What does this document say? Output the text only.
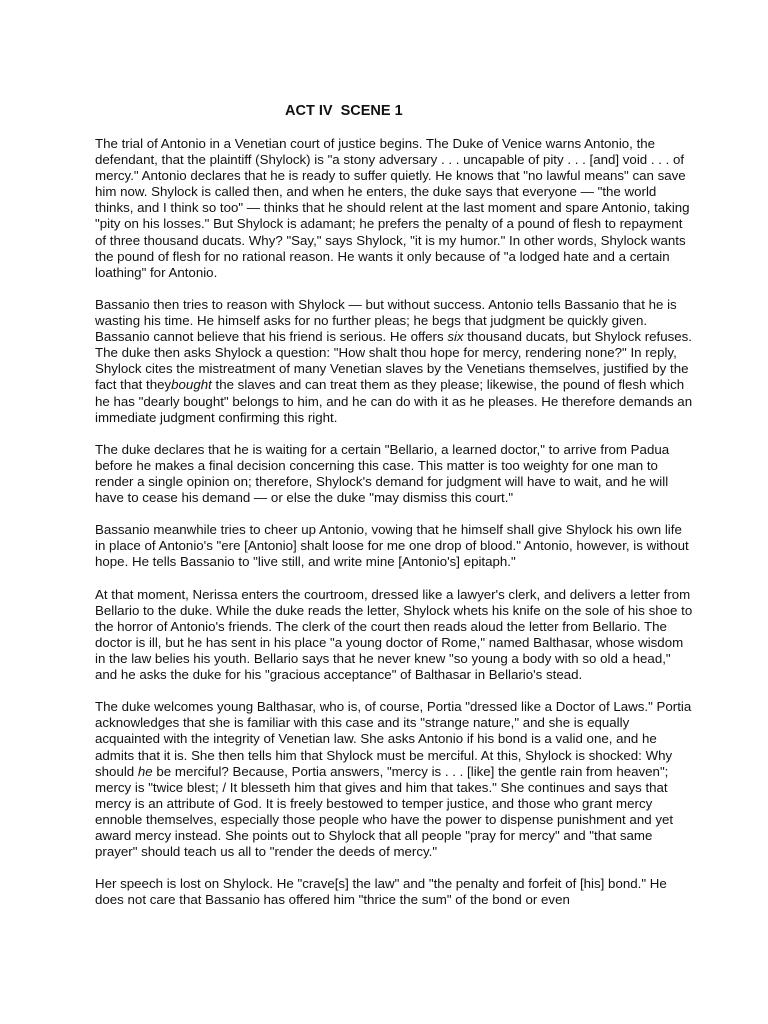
ACT IV  SCENE 1

The trial of Antonio in a Venetian court of justice begins. The Duke of Venice warns Antonio, the defendant, that the plaintiff (Shylock) is "a stony adversary . . . uncapable of pity . . . [and] void . . . of mercy." Antonio declares that he is ready to suffer quietly. He knows that "no lawful means" can save him now. Shylock is called then, and when he enters, the duke says that everyone — "the world thinks, and I think so too" — thinks that he should relent at the last moment and spare Antonio, taking "pity on his losses." But Shylock is adamant; he prefers the penalty of a pound of flesh to repayment of three thousand ducats. Why? "Say," says Shylock, "it is my humor." In other words, Shylock wants the pound of flesh for no rational reason. He wants it only because of "a lodged hate and a certain loathing" for Antonio.

Bassanio then tries to reason with Shylock — but without success. Antonio tells Bassanio that he is wasting his time. He himself asks for no further pleas; he begs that judgment be quickly given. Bassanio cannot believe that his friend is serious. He offers six thousand ducats, but Shylock refuses. The duke then asks Shylock a question: "How shalt thou hope for mercy, rendering none?" In reply, Shylock cites the mistreatment of many Venetian slaves by the Venetians themselves, justified by the fact that theybought the slaves and can treat them as they please; likewise, the pound of flesh which he has "dearly bought" belongs to him, and he can do with it as he pleases. He therefore demands an immediate judgment confirming this right.

The duke declares that he is waiting for a certain "Bellario, a learned doctor," to arrive from Padua before he makes a final decision concerning this case. This matter is too weighty for one man to render a single opinion on; therefore, Shylock's demand for judgment will have to wait, and he will have to cease his demand — or else the duke "may dismiss this court."

Bassanio meanwhile tries to cheer up Antonio, vowing that he himself shall give Shylock his own life in place of Antonio's "ere [Antonio] shalt loose for me one drop of blood." Antonio, however, is without hope. He tells Bassanio to "live still, and write mine [Antonio's] epitaph."

At that moment, Nerissa enters the courtroom, dressed like a lawyer's clerk, and delivers a letter from Bellario to the duke. While the duke reads the letter, Shylock whets his knife on the sole of his shoe to the horror of Antonio's friends. The clerk of the court then reads aloud the letter from Bellario. The doctor is ill, but he has sent in his place "a young doctor of Rome," named Balthasar, whose wisdom in the law belies his youth. Bellario says that he never knew "so young a body with so old a head," and he asks the duke for his "gracious acceptance" of Balthasar in Bellario's stead.

The duke welcomes young Balthasar, who is, of course, Portia "dressed like a Doctor of Laws." Portia acknowledges that she is familiar with this case and its "strange nature," and she is equally acquainted with the integrity of Venetian law. She asks Antonio if his bond is a valid one, and he admits that it is. She then tells him that Shylock must be merciful. At this, Shylock is shocked: Why should he be merciful? Because, Portia answers, "mercy is . . . [like] the gentle rain from heaven"; mercy is "twice blest; / It blesseth him that gives and him that takes." She continues and says that mercy is an attribute of God. It is freely bestowed to temper justice, and those who grant mercy ennoble themselves, especially those people who have the power to dispense punishment and yet award mercy instead. She points out to Shylock that all people "pray for mercy" and "that same prayer" should teach us all to "render the deeds of mercy."

Her speech is lost on Shylock. He "crave[s] the law" and "the penalty and forfeit of [his] bond." He does not care that Bassanio has offered him "thrice the sum" of the bond or even
